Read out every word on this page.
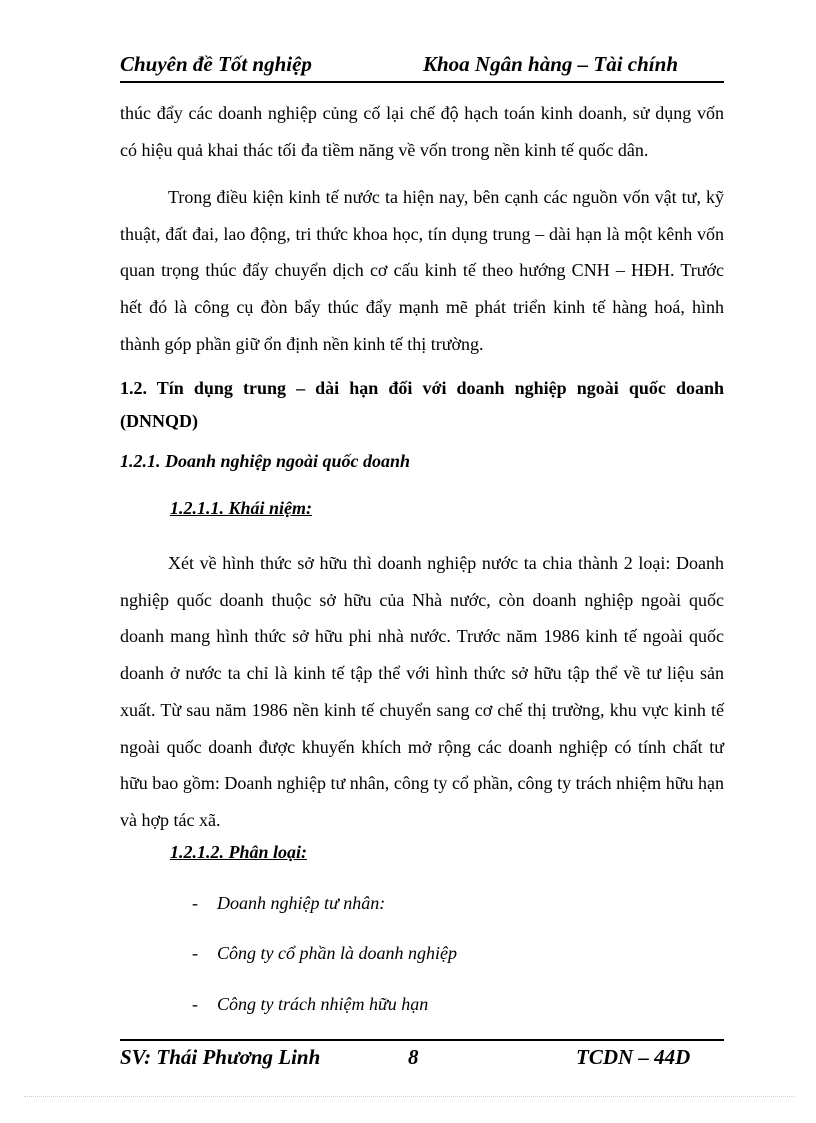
Chuyên đề Tốt nghiệp	Khoa Ngân hàng – Tài chính
thúc đẩy các doanh nghiệp củng cố lại chế độ hạch toán kinh doanh, sử dụng vốn có hiệu quả khai thác tối đa tiềm năng về vốn trong nền kinh tế quốc dân.
Trong điều kiện kinh tế nước ta hiện nay, bên cạnh các nguồn vốn vật tư, kỹ thuật, đất đai, lao động, tri thức khoa học, tín dụng trung – dài hạn là một kênh vốn quan trọng thúc đẩy chuyển dịch cơ cấu kinh tế theo hướng CNH – HĐH. Trước hết đó là công cụ đòn bẩy thúc đẩy mạnh mẽ phát triển kinh tế hàng hoá, hình thành góp phần giữ ổn định nền kinh tế thị trường.
1.2. Tín dụng trung – dài hạn đối với doanh nghiệp ngoài quốc doanh (DNNQD)
1.2.1. Doanh nghiệp ngoài quốc doanh
1.2.1.1. Khái niệm:
Xét về hình thức sở hữu thì doanh nghiệp nước ta chia thành 2 loại: Doanh nghiệp quốc doanh thuộc sở hữu của Nhà nước, còn doanh nghiệp ngoài quốc doanh mang hình thức sở hữu phi nhà nước. Trước năm 1986 kinh tế ngoài quốc doanh ở nước ta chỉ là kinh tế tập thể với hình thức sở hữu tập thể về tư liệu sản xuất. Từ sau năm 1986 nền kinh tế chuyển sang cơ chế thị trường, khu vực kinh tế ngoài quốc doanh được khuyến khích mở rộng các doanh nghiệp có tính chất tư hữu bao gồm: Doanh nghiệp tư nhân, công ty cổ phần, công ty trách nhiệm hữu hạn và hợp tác xã.
1.2.1.2. Phân loại:
- Doanh nghiệp tư nhân:
- Công ty cổ phần là doanh nghiệp
- Công ty trách nhiệm hữu hạn
SV: Thái Phương Linh	8	TCDN – 44D
